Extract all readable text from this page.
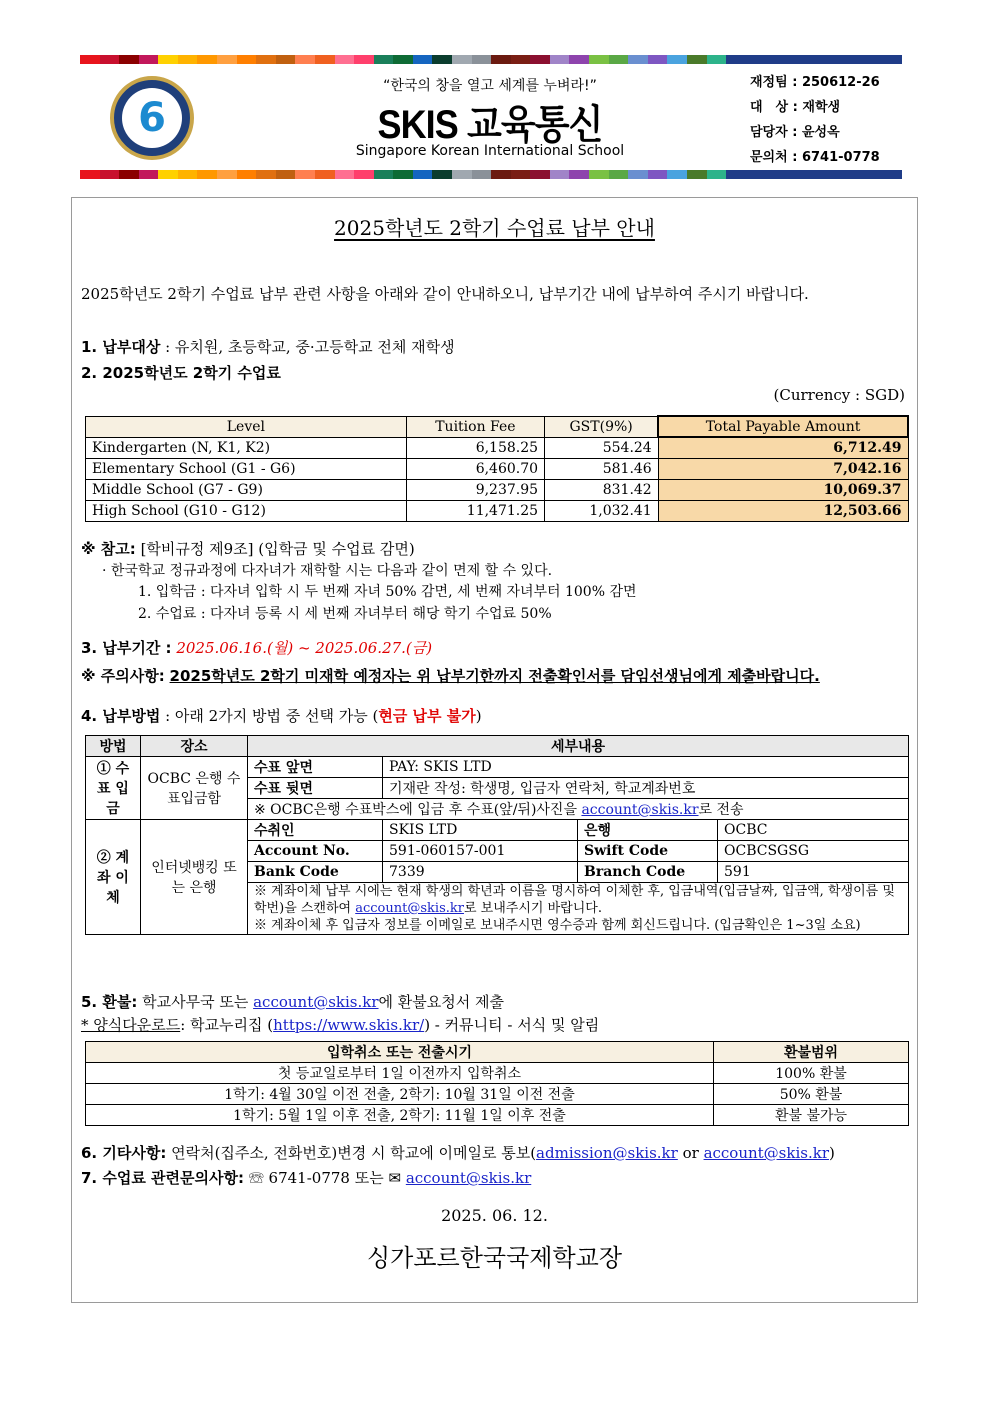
6
“한국의 창을 열고 세계를 누벼라!”
SKIS 교육통신
Singapore Korean International School
재정팀 : 250612-26
대　상 : 재학생
담당자 : 윤성옥
문의처 : 6741-0778
2025학년도 2학기 수업료 납부 안내

2025학년도 2학기 수업료 납부 관련 사항을 아래와 같이 안내하오니, 납부기간 내에 납부하여 주시기 바랍니다.

1. 납부대상 : 유치원, 초등학교, 중·고등학교 전체 재학생

2. 2025학년도 2학기 수업료

(Currency : SGD)

Level	Tuition Fee	GST(9%)	Total Payable Amount
Kindergarten (N, K1, K2)	6,158.25	554.24	6,712.49
Elementary School (G1 - G6)	6,460.70	581.46	7,042.16
Middle School (G7 - G9)	9,237.95	831.42	10,069.37
High School (G10 - G12)	11,471.25	1,032.41	12,503.66

※ 참고: [학비규정 제9조] (입학금 및 수업료 감면)

· 한국학교 정규과정에 다자녀가 재학할 시는 다음과 같이 면제 할 수 있다.

1. 입학금 : 다자녀 입학 시 두 번째 자녀 50% 감면, 세 번째 자녀부터 100% 감면

2. 수업료 : 다자녀 등록 시 세 번째 자녀부터 해당 학기 수업료 50%

3. 납부기간 : 2025.06.16.(월) ~ 2025.06.27.(금)

※ 주의사항: 2025학년도 2학기 미재학 예정자는 위 납부기한까지 전출확인서를 담임선생님에게 제출바랍니다.

4. 납부방법 : 아래 2가지 방법 중 선택 가능 (현금 납부 불가)

방법	장소	세부내용			
① 수표 입금	OCBC 은행 수표입금함	수표 앞면	PAY: SKIS LTD		
		수표 뒷면	기재란 작성: 학생명, 입금자 연락처, 학교계좌번호		
		※ OCBC은행 수표박스에 입금 후 수표(앞/뒤)사진을 account@skis.kr로 전송			
② 계좌 이체	인터넷뱅킹 또는 은행	수취인	SKIS LTD	은행	OCBC
		Account No.	591-060157-001	Swift Code	OCBCSGSG
		Bank Code	7339	Branch Code	591
		※ 계좌이체 납부 시에는 현재 학생의 학년과 이름을 명시하여 이체한 후, 입금내역(입금날짜, 입금액, 학생이름 및 학번)을 스캔하여 account@skis.kr로 보내주시기 바랍니다.
※ 계좌이체 후 입금자 정보를 이메일로 보내주시면 영수증과 함께 회신드립니다. (입금확인은 1~3일 소요)			

5. 환불: 학교사무국 또는 account@skis.kr에 환불요청서 제출

* 양식다운로드: 학교누리집 (https://www.skis.kr/) - 커뮤니티 - 서식 및 알림

입학취소 또는 전출시기	환불범위
첫 등교일로부터 1일 이전까지 입학취소	100% 환불
1학기: 4월 30일 이전 전출, 2학기: 10월 31일 이전 전출	50% 환불
1학기: 5월 1일 이후 전출, 2학기: 11월 1일 이후 전출	환불 불가능

6. 기타사항: 연락처(집주소, 전화번호)변경 시 학교에 이메일로 통보(admission@skis.kr or account@skis.kr)

7. 수업료 관련문의사항: ☏ 6741-0778 또는 ✉ account@skis.kr

2025. 06. 12.
싱가포르한국국제학교장
